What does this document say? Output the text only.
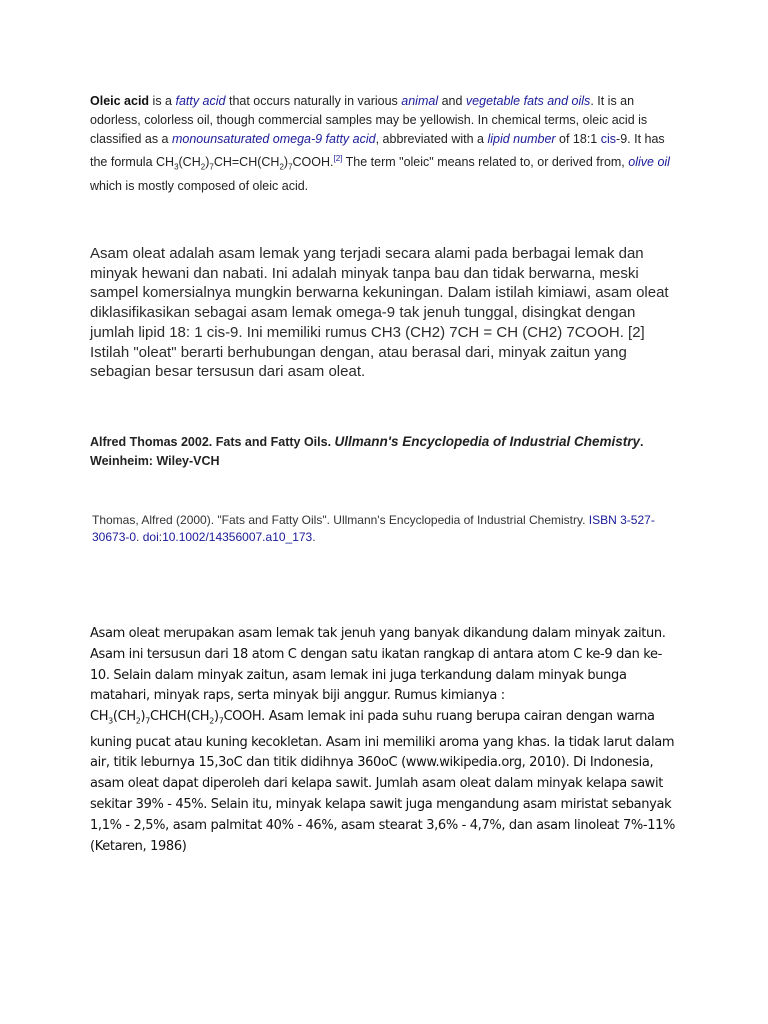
Oleic acid is a fatty acid that occurs naturally in various animal and vegetable fats and oils. It is an odorless, colorless oil, though commercial samples may be yellowish. In chemical terms, oleic acid is classified as a monounsaturated omega-9 fatty acid, abbreviated with a lipid number of 18:1 cis-9. It has the formula $CH_3(CH_2)_7CH=CH(CH_2)_7COOH.[2]$ The term "oleic" means related to, or derived from, olive oil which is mostly composed of oleic acid.
Asam oleat adalah asam lemak yang terjadi secara alami pada berbagai lemak dan minyak hewani dan nabati. Ini adalah minyak tanpa bau dan tidak berwarna, meski sampel komersialnya mungkin berwarna kekuningan. Dalam istilah kimiawi, asam oleat diklasifikasikan sebagai asam lemak omega-9 tak jenuh tunggal, disingkat dengan jumlah lipid 18: 1 cis-9. Ini memiliki rumus CH3 (CH2) 7CH = CH (CH2) 7COOH. [2] Istilah "oleat" berarti berhubungan dengan, atau berasal dari, minyak zaitun yang sebagian besar tersusun dari asam oleat.
Alfred Thomas 2002. Fats and Fatty Oils. Ullmann's Encyclopedia of Industrial Chemistry. Weinheim: Wiley-VCH
Thomas, Alfred (2000). "Fats and Fatty Oils". Ullmann's Encyclopedia of Industrial Chemistry. ISBN 3-527-30673-0. doi:10.1002/14356007.a10_173.
Asam oleat merupakan asam lemak tak jenuh yang banyak dikandung dalam minyak zaitun. Asam ini tersusun dari 18 atom C dengan satu ikatan rangkap di antara atom C ke-9 dan ke-10. Selain dalam minyak zaitun, asam lemak ini juga terkandung dalam minyak bunga matahari, minyak raps, serta minyak biji anggur. Rumus kimianya : $CH_3(CH_2)_7CHCH(CH_2)_7COOH$. Asam lemak ini pada suhu ruang berupa cairan dengan warna kuning pucat atau kuning kecokletan. Asam ini memiliki aroma yang khas. Ia tidak larut dalam air, titik leburnya 15,3oC dan titik didihnya 360oC (www.wikipedia.org, 2010). Di Indonesia, asam oleat dapat diperoleh dari kelapa sawit. Jumlah asam oleat dalam minyak kelapa sawit sekitar 39% - 45%. Selain itu, minyak kelapa sawit juga mengandung asam miristat sebanyak 1,1% - 2,5%, asam palmitat 40% - 46%, asam stearat 3,6% - 4,7%, dan asam linoleat 7%-11% (Ketaren, 1986)
